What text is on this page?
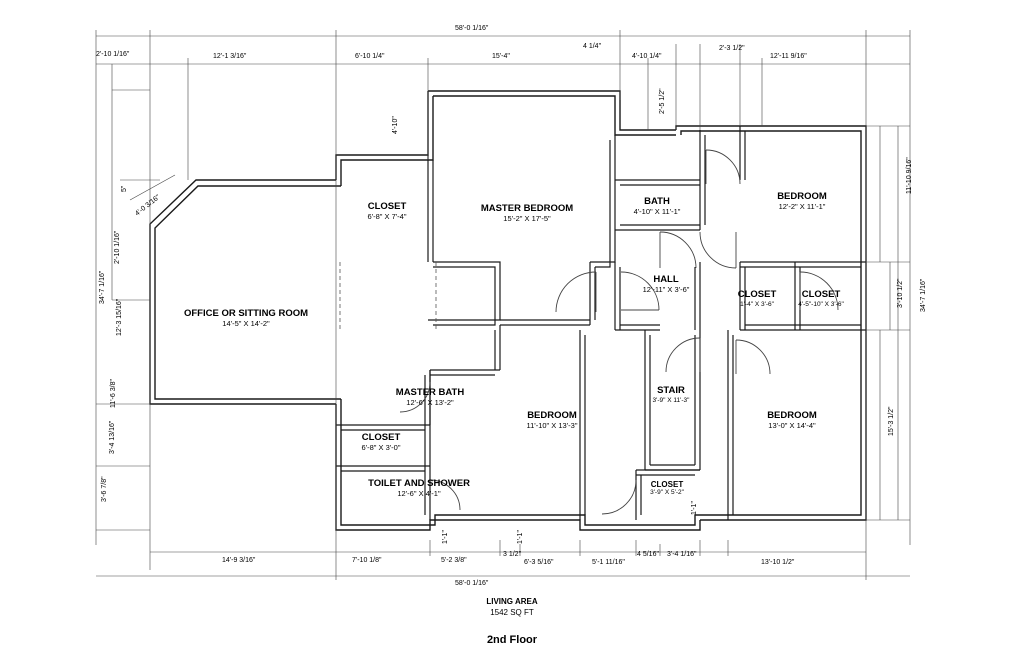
CLOSET
6'-8" X 7'-4"
MASTER BEDROOM
15'-2" X 17'-5"
BATH
4'-10" X 11'-1"
BEDROOM
12'-2" X 11'-1"
OFFICE OR SITTING ROOM
14'-5" X 14'-2"
HALL
12'-11" X 3'-6"	CLOSET
1'-4" X 3'-6"
CLOSET
4'-5"-10" X 3'-6"
MASTER BATH
12'-6" X 13'-2"
BEDROOM
11'-10" X 13'-3"
STAIR
3'-9" X 11'-3"
BEDROOM
13'-0" X 14'-4"
CLOSET
6'-8" X 3'-0"
TOILET AND SHOWER
12'-6" X 4'-1"
CLOSET
3'-9" X 5'-2"
58'-0 1/16"
2'-10 1/16"	12'-1 3/16"	6'-10 1/4"	15'-4"
4 1/4"
4'-10 1/4"
2'-3 1/2"
12'-11 9/16"
2'-5 1/2"
4'-10"
5"
4'-0 3/16"
2'-10 1/16"
34'-7 1/16"
12'-3 15/16"
11'-6 3/8"
3'-4 13/16"
3'-6 7/8"
11'-10 9/16"
3'-10 1/2" 34'-7 1/16"
15'-3 1/2"
14'-9 3/16"	7'-10 1/8"	5'-2 3/8"
3 1/2"
6'-3 5/16"	5'-1 11/16"
4 5/16" 3'-4 1/16"
13'-10 1/2"
58'-0 1/16"
1'-1"	1'-1"
1'-1"
LIVING AREA
1542 SQ FT
2nd Floor
